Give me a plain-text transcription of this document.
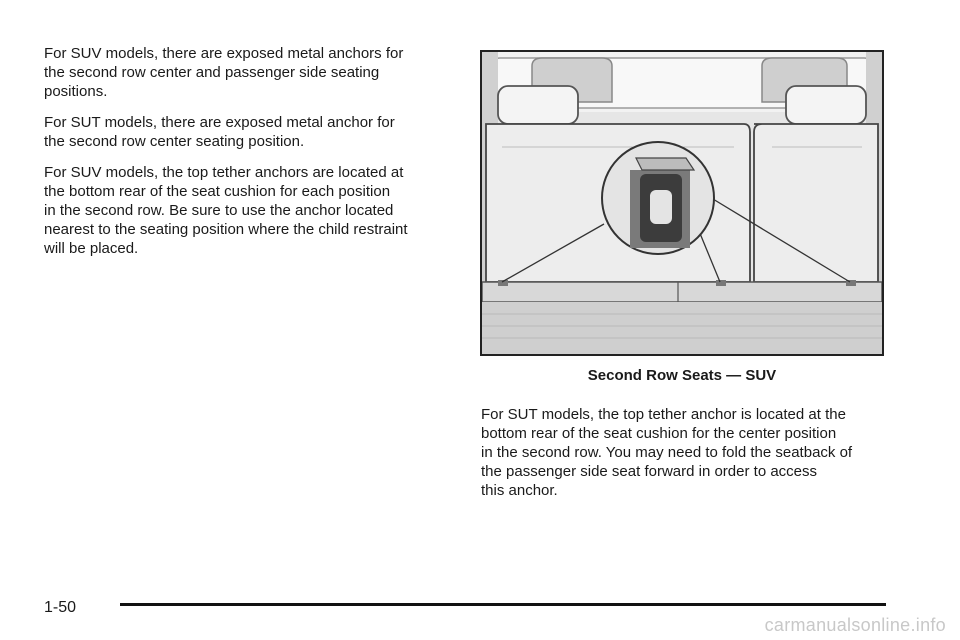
For SUV models, there are exposed metal anchors for
the second row center and passenger side seating
positions.

For SUT models, there are exposed metal anchor for
the second row center seating position.

For SUV models, the top tether anchors are located at
the bottom rear of the seat cushion for each position
in the second row. Be sure to use the anchor located
nearest to the seating position where the child restraint
will be placed.

Second Row Seats — SUV

For SUT models, the top tether anchor is located at the
bottom rear of the seat cushion for the center position
in the second row. You may need to fold the seatback of
the passenger side seat forward in order to access
this anchor.

1-50
carmanualsonline.info
